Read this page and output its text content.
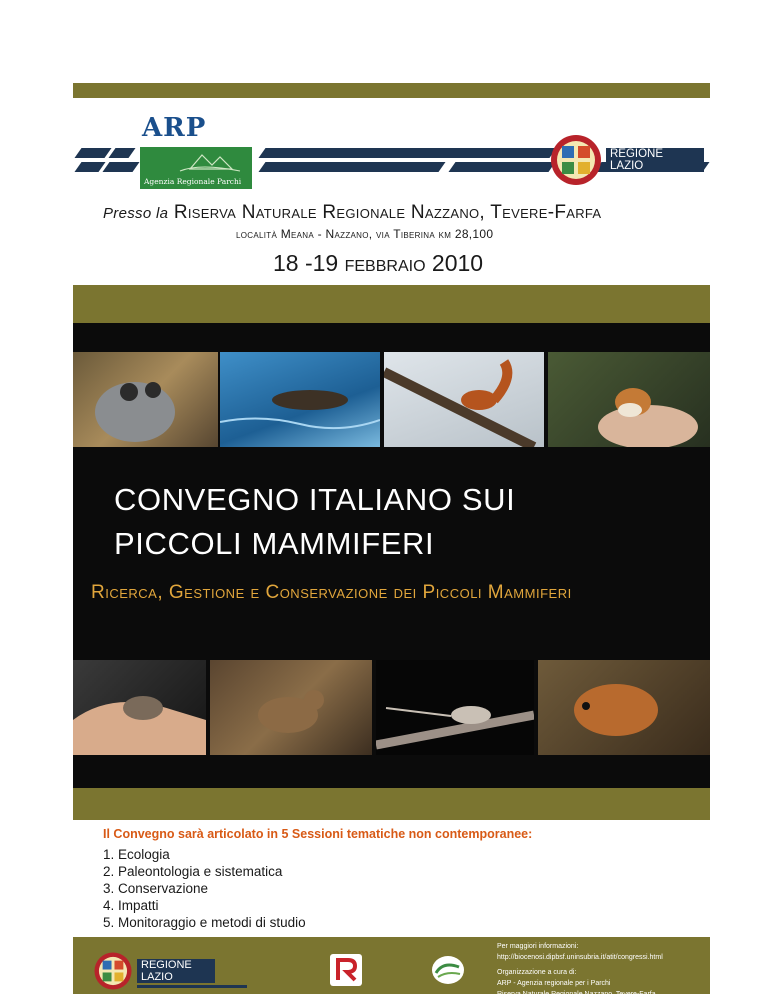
ARP
Agenzia Regionale Parchi
REGIONE
LAZIO
Presso la Riserva Naturale Regionale Nazzano, Tevere-Farfa
località Meana - Nazzano, via Tiberina km 28,100
18 -19 febbraio 2010
CONVEGNO ITALIANO SUI
PICCOLI MAMMIFERI
Ricerca, Gestione e Conservazione dei Piccoli Mammiferi
Il Convegno sarà articolato in 5 Sessioni tematiche non contemporanee:
1. Ecologia
2. Paleontologia e sistematica
3. Conservazione
4. Impatti
5. Monitoraggio e metodi di studio
REGIONE
LAZIO
Per maggiori informazioni:
http://biocenosi.dipbsf.uninsubria.it/atit/congressi.html
Organizzazione a cura di:
ARP - Agenzia regionale per i Parchi
Riserva Naturale Regionale Nazzano, Tevere-Farfa
